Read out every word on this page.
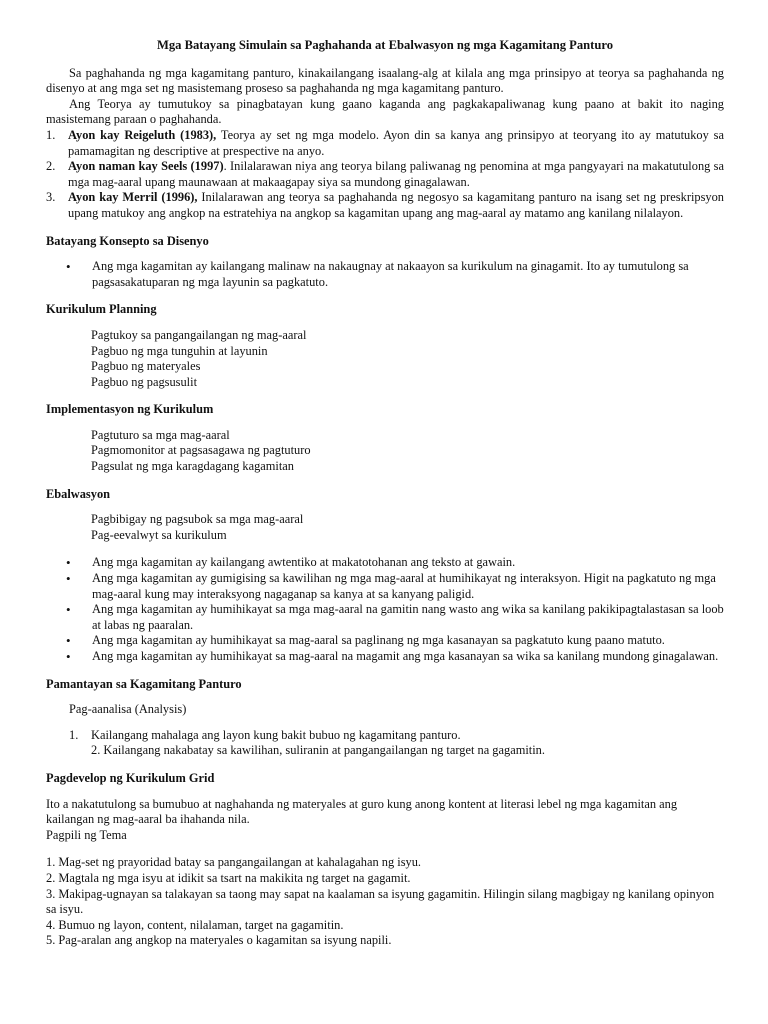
Mga Batayang Simulain sa Paghahanda at Ebalwasyon ng mga Kagamitang Panturo

Sa paghahanda ng mga kagamitang panturo, kinakailangang isaalang-alg at kilala ang mga prinsipyo at teorya sa paghahanda ng disenyo at ang mga set ng masistemang proseso sa paghahanda ng mga kagamitang panturo.

Ang Teorya ay tumutukoy sa pinagbatayan kung gaano kaganda ang pagkakapaliwanag kung paano at bakit ito naging masistemang paraan o paghahanda.

1. Ayon kay Reigeluth (1983), Teorya ay set ng mga modelo. Ayon din sa kanya ang prinsipyo at teoryang ito ay matutukoy sa pamamagitan ng descriptive at prespective na anyo.
2. Ayon naman kay Seels (1997). Inilalarawan niya ang teorya bilang paliwanag ng penomina at mga pangyayari na makatutulong sa mga mag-aaral upang maunawaan at makaagapay siya sa mundong ginagalawan.
3. Ayon kay Merril (1996), Inilalarawan ang teorya sa paghahanda ng negosyo sa kagamitang panturo na isang set ng preskripsyon upang matukoy ang angkop na estratehiya na angkop sa kagamitan upang ang mag-aaral ay matamo ang kanilang nilalayon.
Batayang Konsepto sa Disenyo
• Ang mga kagamitan ay kailangang malinaw na nakaugnay at nakaayon sa kurikulum na ginagamit. Ito ay tumutulong sa pagsasakatuparan ng mga layunin sa pagkatuto.
Kurikulum Planning

Pagtukoy sa pangangailangan ng mag-aaral

Pagbuo ng mga tunguhin at layunin

Pagbuo ng materyales

Pagbuo ng pagsusulit

Implementasyon ng Kurikulum

Pagtuturo sa mga mag-aaral

Pagmomonitor at pagsasagawa ng pagtuturo

Pagsulat ng mga karagdagang kagamitan

Ebalwasyon

Pagbibigay ng pagsubok sa mga mag-aaral

Pag-eevalwyt sa kurikulum

• Ang mga kagamitan ay kailangang awtentiko at makatotohanan ang teksto at gawain.
• Ang mga kagamitan ay gumigising sa kawilihan ng mga mag-aaral at humihikayat ng interaksyon. Higit na pagkatuto ng mga mag-aaral kung may interaksyong nagaganap sa kanya at sa kanyang paligid.
• Ang mga kagamitan ay humihikayat sa mga mag-aaral na gamitin nang wasto ang wika sa kanilang pakikipagtalastasan sa loob at labas ng paaralan.
• Ang mga kagamitan ay humihikayat sa mag-aaral sa paglinang ng mga kasanayan sa pagkatuto kung paano matuto.
• Ang mga kagamitan ay humihikayat sa mag-aaral na magamit ang mga kasanayan sa wika sa kanilang mundong ginagalawan.
Pamantayan sa Kagamitang Panturo

Pag-aanalisa (Analysis)

1. Kailangang mahalaga ang layon kung bakit bubuo ng kagamitang panturo.

2. Kailangang nakabatay sa kawilihan, suliranin at pangangailangan ng target na gagamitin.

Pagdevelop ng Kurikulum Grid

Ito a nakatutulong sa bumubuo at naghahanda ng materyales at guro kung anong kontent at literasi lebel ng mga kagamitan ang kailangan ng mag-aaral ba ihahanda nila.

Pagpili ng Tema

1. Mag-set ng prayoridad batay sa pangangailangan at kahalagahan ng isyu.

2. Magtala ng mga isyu at idikit sa tsart na makikita ng target na gagamit.

3. Makipag-ugnayan sa talakayan sa taong may sapat na kaalaman sa isyung gagamitin. Hilingin silang magbigay ng kanilang opinyon sa isyu.

4. Bumuo ng layon, content, nilalaman, target na gagamitin.

5. Pag-aralan ang angkop na materyales o kagamitan sa isyung napili.
